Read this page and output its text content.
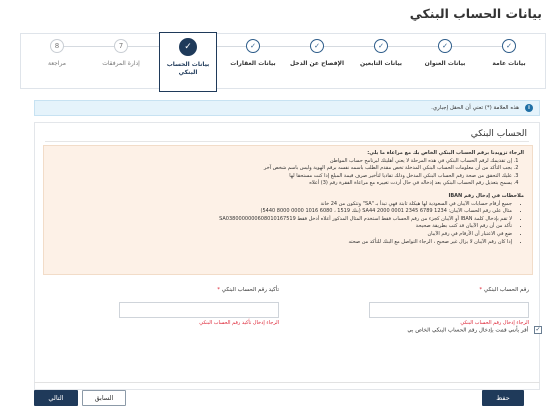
بيانات الحساب البنكي
✓
بيانات عامة
✓
بيانات العنوان
✓
بيانات التابعين
✓
الإفصاح عن الدخل
✓
بيانات العقارات
✓
بيانات الحساب البنكي
7
إدارة المرفقات
8
مراجعة
i
هذه العلامة (*) تعني أن الحقل إجباري.
الحساب البنكي
الرجاء تزويدنا برقم الحساب البنكي الخاص بك مع مراعاة ما يلي:
1. إن تقديمك لرقم الحساب البنكي في هذه المرحلة لا يعني أهليتك لبرنامج حساب المواطن
2. يجب التأكد من أن معلومات الحساب البنكي المدخلة تخص مقدم الطلب باسمه نفسه برقم الهوية وليس باسم شخص آخر
3. عليك التحقق من صحة رقم الحساب البنكي المدخل وذلك تفاديا لتأخير صرف قيمة المبلغ إذا كنت مستحقا لها
4. يسمح بتعديل رقم الحساب البنكي بعد إدخاله في حال أردت تغييره مع مراعاة الفقرة رقم (3) أعلاه
ملاحظات في إدخال رقم IBAN
• جميع أرقام حسابات الآيبان في السعودية لها هيكلة ثابتة فهي تبدأ بـ "SA" وتتكون من 24 خانة
• مثال على رقم الحساب الآيبان: SA44 2000 0001 2345 6789 1234 (بنك 1519 ، 6080 1016 0000 8000 5440)
• لا تقم بإدخال كلمة IBAN أو الآيبان كجزء من رقم الحساب فقط استخدم المثال المذكور أعلاه أدخل فقط SA0380000000608010167519
• تأكد من أن رقم الآيبان قد كتب بطريقة صحيحة
• ضع في الاعتبار أن الأرقام في رقم الآيبان
• إذا كان رقم الآيبان لا يزال غير صحيح ، الرجاء التواصل مع البنك للتأكد من صحته
رقم الحساب البنكي *
الرجاء إدخال رقم الحساب البنكي
تأكيد رقم الحساب البنكي *
الرجاء إدخال تأكيد رقم الحساب البنكي
✓ أقر بأنني قمت بإدخال رقم الحساب البنكي الخاص بي
حفظ
السابق
التالي
